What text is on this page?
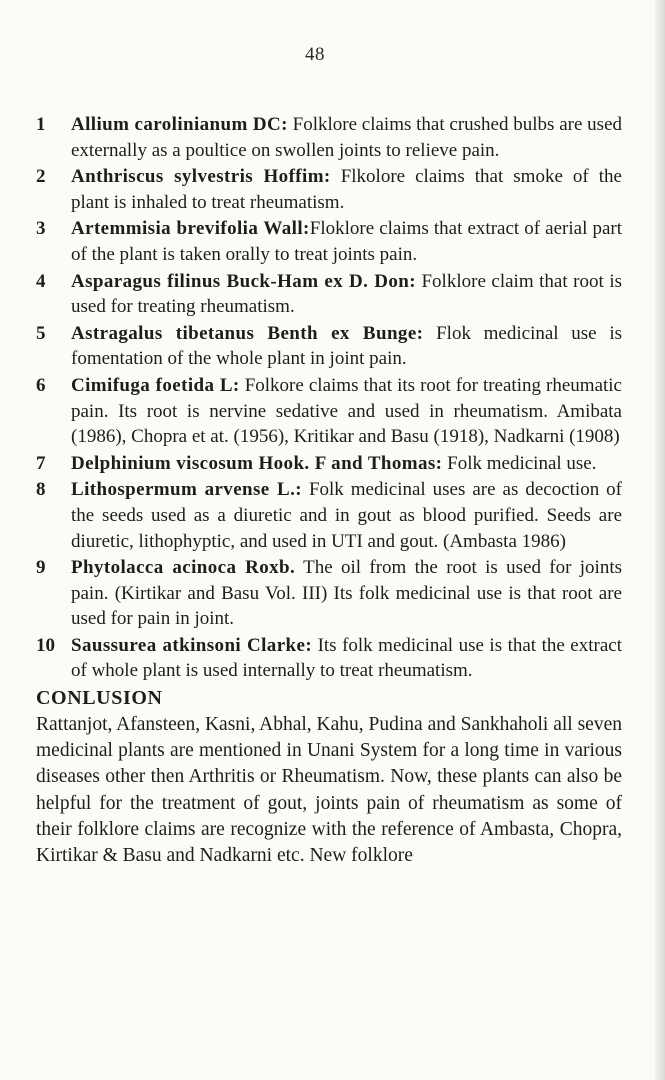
48
1	Allium carolinianum DC: Folklore claims that crushed bulbs are used externally as a poultice on swollen joints to relieve pain.
2	Anthriscus sylvestris Hoffim: Flkolore claims that smoke of the plant is inhaled to treat rheumatism.
3	Artemmisia brevifolia Wall:Floklore claims that extract of aerial part of the plant is taken orally to treat joints pain.
4	Asparagus filinus Buck-Ham ex D. Don: Folklore claim that root is used for treating rheumatism.
5	Astragalus tibetanus Benth ex Bunge: Flok medicinal use is fomentation of the whole plant in joint pain.
6	Cimifuga foetida L: Folkore claims that its root for treating rheumatic pain. Its root is nervine sedative and used in rheumatism. Amibata (1986), Chopra et at. (1956), Kritikar and Basu (1918), Nadkarni (1908)
7	Delphinium viscosum Hook. F and Thomas: Folk medicinal use.
8	Lithospermum arvense L.: Folk medicinal uses are as decoction of the seeds used as a diuretic and in gout as blood purified. Seeds are diuretic, lithophyptic, and used in UTI and gout. (Ambasta 1986)
9	Phytolacca acinoca Roxb. The oil from the root is used for joints pain. (Kirtikar and Basu Vol. III) Its folk medicinal use is that root are used for pain in joint.
10 Saussurea atkinsoni Clarke: Its folk medicinal use is that the extract of whole plant is used internally to treat rheumatism.
CONLUSION

Rattanjot, Afansteen, Kasni, Abhal, Kahu, Pudina and Sankhaholi all seven medicinal plants are mentioned in Unani System for a long time in various diseases other then Arthritis or Rheumatism. Now, these plants can also be helpful for the treatment of gout, joints pain of rheumatism as some of their folklore claims are recognize with the reference of Ambasta, Chopra, Kirtikar & Basu and Nadkarni etc. New folklore
